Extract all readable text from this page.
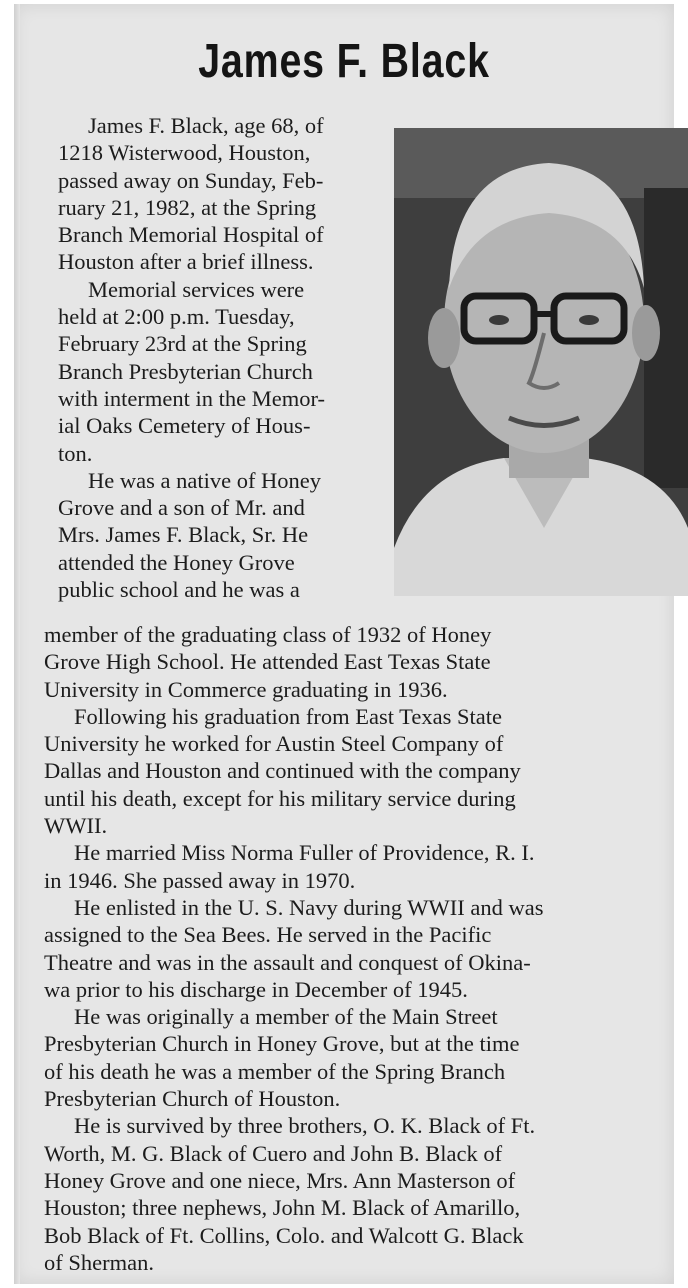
James F. Black
James F. Black, age 68, of
1218 Wisterwood, Houston,
passed away on Sunday, Feb-
ruary 21, 1982, at the Spring
Branch Memorial Hospital of
Houston after a brief illness.
Memorial services were
held at 2:00 p.m. Tuesday,
February 23rd at the Spring
Branch Presbyterian Church
with interment in the Memor-
ial Oaks Cemetery of Hous-
ton.
He was a native of Honey
Grove and a son of Mr. and
Mrs. James F. Black, Sr. He
attended the Honey Grove
public school and he was a
member of the graduating class of 1932 of Honey
Grove High School. He attended East Texas State
University in Commerce graduating in 1936.
Following his graduation from East Texas State
University he worked for Austin Steel Company of
Dallas and Houston and continued with the company
until his death, except for his military service during
WWII.
He married Miss Norma Fuller of Providence, R. I.
in 1946. She passed away in 1970.
He enlisted in the U. S. Navy during WWII and was
assigned to the Sea Bees. He served in the Pacific
Theatre and was in the assault and conquest of Okina-
wa prior to his discharge in December of 1945.
He was originally a member of the Main Street
Presbyterian Church in Honey Grove, but at the time
of his death he was a member of the Spring Branch
Presbyterian Church of Houston.
He is survived by three brothers, O. K. Black of Ft.
Worth, M. G. Black of Cuero and John B. Black of
Honey Grove and one niece, Mrs. Ann Masterson of
Houston; three nephews, John M. Black of Amarillo,
Bob Black of Ft. Collins, Colo. and Walcott G. Black
of Sherman.
